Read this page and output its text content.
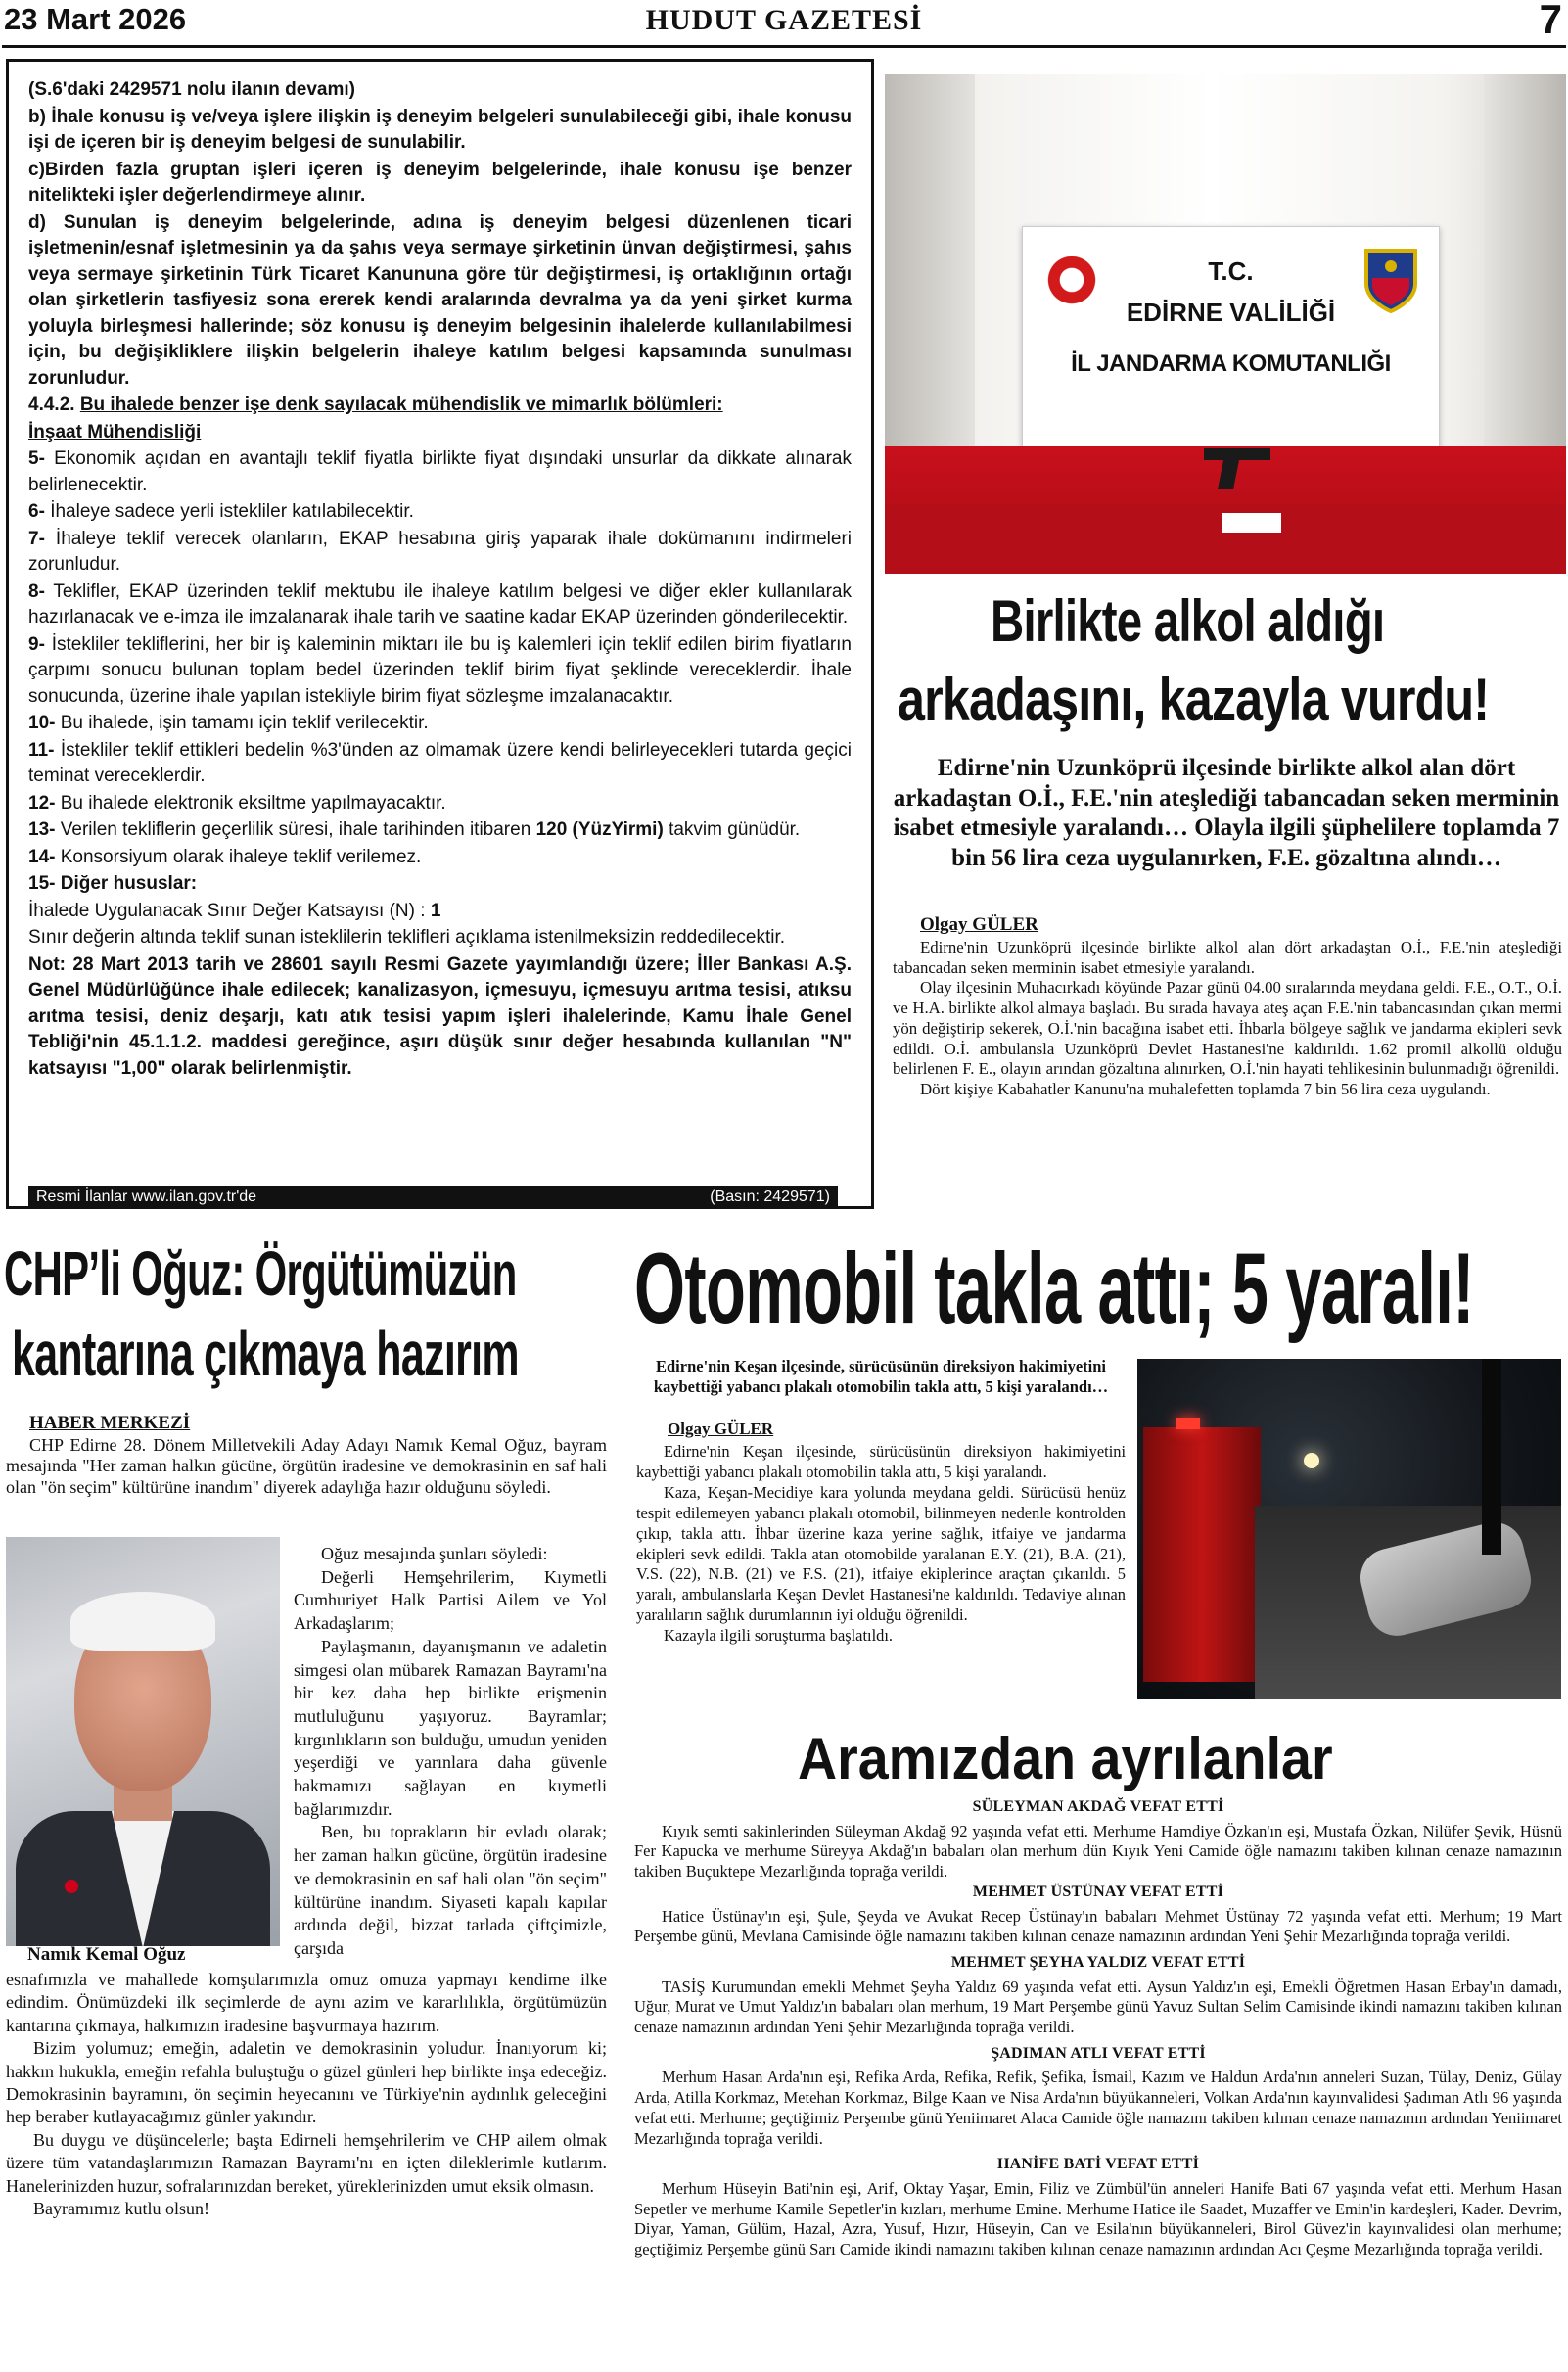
23 Mart 2026	HUDUT GAZETESİ	7

(S.6'daki 2429571 nolu ilanın devamı)

b) İhale konusu iş ve/veya işlere ilişkin iş deneyim belgeleri sunulabileceği gibi, ihale konusu işi de içeren bir iş deneyim belgesi de sunulabilir.

c)Birden fazla gruptan işleri içeren iş deneyim belgelerinde, ihale konusu işe benzer nitelikteki işler değerlendirmeye alınır.

d) Sunulan iş deneyim belgelerinde, adına iş deneyim belgesi düzenlenen ticari işletmenin/esnaf işletmesinin ya da şahıs veya sermaye şirketinin ünvan değiştirmesi, şahıs veya sermaye şirketinin Türk Ticaret Kanununa göre tür değiştirmesi, iş ortaklığının ortağı olan şirketlerin tasfiyesiz sona ererek kendi aralarında devralma ya da yeni şirket kurma yoluyla birleşmesi hallerinde; söz konusu iş deneyim belgesinin ihalelerde kullanılabilmesi için, bu değişikliklere ilişkin belgelerin ihaleye katılım belgesi kapsamında sunulması zorunludur.

4.4.2. Bu ihalede benzer işe denk sayılacak mühendislik ve mimarlık bölümleri:

İnşaat Mühendisliği

5- Ekonomik açıdan en avantajlı teklif fiyatla birlikte fiyat dışındaki unsurlar da dikkate alınarak belirlenecektir.

6- İhaleye sadece yerli istekliler katılabilecektir.

7- İhaleye teklif verecek olanların, EKAP hesabına giriş yaparak ihale dokümanını indirmeleri zorunludur.

8- Teklifler, EKAP üzerinden teklif mektubu ile ihaleye katılım belgesi ve diğer ekler kullanılarak hazırlanacak ve e-imza ile imzalanarak ihale tarih ve saatine kadar EKAP üzerinden gönderilecektir.

9- İstekliler tekliflerini, her bir iş kaleminin miktarı ile bu iş kalemleri için teklif edilen birim fiyatların çarpımı sonucu bulunan toplam bedel üzerinden teklif birim fiyat şeklinde vereceklerdir. İhale sonucunda, üzerine ihale yapılan istekliyle birim fiyat sözleşme imzalanacaktır.

10- Bu ihalede, işin tamamı için teklif verilecektir.

11- İstekliler teklif ettikleri bedelin %3'ünden az olmamak üzere kendi belirleyecekleri tutarda geçici teminat vereceklerdir.

12- Bu ihalede elektronik eksiltme yapılmayacaktır.

13- Verilen tekliflerin geçerlilik süresi, ihale tarihinden itibaren 120 (YüzYirmi) takvim günüdür.

14- Konsorsiyum olarak ihaleye teklif verilemez.

15- Diğer hususlar:

İhalede Uygulanacak Sınır Değer Katsayısı (N) : 1

Sınır değerin altında teklif sunan isteklilerin teklifleri açıklama istenilmeksizin reddedilecektir.

Not: 28 Mart 2013 tarih ve 28601 sayılı Resmi Gazete yayımlandığı üzere; İller Bankası A.Ş. Genel Müdürlüğünce ihale edilecek; kanalizasyon, içmesuyu, içmesuyu arıtma tesisi, atıksu arıtma tesisi, deniz deşarjı, katı atık tesisi yapım işleri ihalelerinde, Kamu İhale Genel Tebliği'nin 45.1.1.2. maddesi gereğince, aşırı düşük sınır değer hesabında kullanılan "N" katsayısı "1,00" olarak belirlenmiştir.

Resmi İlanlar www.ilan.gov.tr'de	(Basın: 2429571)
T.C.
EDİRNE VALİLİĞİ
İL JANDARMA KOMUTANLIĞI
Birlikte alkol aldığı
arkadaşını, kazayla vurdu!
Edirne'nin Uzunköprü ilçesinde birlikte alkol alan dört arkadaştan O.İ., F.E.'nin ateşlediği tabancadan seken merminin isabet etmesiyle yaralandı… Olayla ilgili şüphelilere toplamda 7 bin 56 lira ceza uygulanırken, F.E. gözaltına alındı…
Olgay GÜLER

Edirne'nin Uzunköprü ilçesinde birlikte alkol alan dört arkadaştan O.İ., F.E.'nin ateşlediği tabancadan seken merminin isabet etmesiyle yaralandı.

Olay ilçesinin Muhacırkadı köyünde Pazar günü 04.00 sıralarında meydana geldi. F.E., O.T., O.İ. ve H.A. birlikte alkol almaya başladı. Bu sırada havaya ateş açan F.E.'nin tabancasından çıkan mermi yön değiştirip sekerek, O.İ.'nin bacağına isabet etti. İhbarla bölgeye sağlık ve jandarma ekipleri sevk edildi. O.İ. ambulansla Uzunköprü Devlet Hastanesi'ne kaldırıldı. 1.62 promil alkollü olduğu belirlenen F. E., olayın arından gözaltına alınırken, O.İ.'nin hayati tehlikesinin bulunmadığı öğrenildi.

Dört kişiye Kabahatler Kanunu'na muhalefetten toplamda 7 bin 56 lira ceza uygulandı.

CHP’li Oğuz: Örgütümüzün
kantarına çıkmaya hazırım
HABER MERKEZİ
CHP Edirne 28. Dönem Milletvekili Aday Adayı Namık Kemal Oğuz, bayram mesajında "Her zaman halkın gücüne, örgütün iradesine ve demokrasinin en saf hali olan "ön seçim" kültürüne inandım" diyerek adaylığa hazır olduğunu söyledi.

Oğuz mesajında şunları söyledi:

Değerli Hemşehrilerim, Kıymetli Cumhuriyet Halk Partisi Ailem ve Yol Arkadaşlarım;

Paylaşmanın, dayanışmanın ve adaletin simgesi olan mübarek Ramazan Bayramı'na bir kez daha hep birlikte erişmenin mutluluğunu yaşıyoruz. Bayramlar; kırgınlıkların son bulduğu, umudun yeniden yeşerdiği ve yarınlara daha güvenle bakmamızı sağlayan en kıymetli bağlarımızdır.

Ben, bu toprakların bir evladı olarak; her zaman halkın gücüne, örgütün iradesine ve demokrasinin en saf hali olan "ön seçim" kültürüne inandım. Siyaseti kapalı kapılar ardında değil, bizzat tarlada çiftçimizle, çarşıda

Namık Kemal Oğuz

esnafımızla ve mahallede komşularımızla omuz omuza yapmayı kendime ilke edindim. Önümüzdeki ilk seçimlerde de aynı azim ve kararlılıkla, örgütümüzün kantarına çıkmaya, halkımızın iradesine başvurmaya hazırım.

Bizim yolumuz; emeğin, adaletin ve demokrasinin yoludur. İnanıyorum ki; hakkın hukukla, emeğin refahla buluştuğu o güzel günleri hep birlikte inşa edeceğiz. Demokrasinin bayramını, ön seçimin heyecanını ve Türkiye'nin aydınlık geleceğini hep beraber kutlayacağımız günler yakındır.

Bu duygu ve düşüncelerle; başta Edirneli hemşehrilerim ve CHP ailem olmak üzere tüm vatandaşlarımızın Ramazan Bayramı'nı en içten dileklerimle kutlarım. Hanelerinizden huzur, sofralarınızdan bereket, yüreklerinizden umut eksik olmasın.

Bayramımız kutlu olsun!

Otomobil takla attı; 5 yaralı!
Edirne'nin Keşan ilçesinde, sürücüsünün direksiyon hakimiyetini kaybettiği yabancı plakalı otomobilin takla attı, 5 kişi yaralandı…
Olgay GÜLER

Edirne'nin Keşan ilçesinde, sürücüsünün direksiyon hakimiyetini kaybettiği yabancı plakalı otomobilin takla attı, 5 kişi yaralandı.

Kaza, Keşan-Mecidiye kara yolunda meydana geldi. Sürücüsü henüz tespit edilemeyen yabancı plakalı otomobil, bilinmeyen nedenle kontrolden çıkıp, takla attı. İhbar üzerine kaza yerine sağlık, itfaiye ve jandarma ekipleri sevk edildi. Takla atan otomobilde yaralanan E.Y. (21), B.A. (21), V.S. (22), N.B. (21) ve F.S. (21), itfaiye ekiplerince araçtan çıkarıldı. 5 yaralı, ambulanslarla Keşan Devlet Hastanesi'ne kaldırıldı. Tedaviye alınan yaralıların sağlık durumlarının iyi olduğu öğrenildi.

Kazayla ilgili soruşturma başlatıldı.

Aramızdan ayrılanlar
SÜLEYMAN AKDAĞ VEFAT ETTİ

Kıyık semti sakinlerinden Süleyman Akdağ 92 yaşında vefat etti. Merhume Hamdiye Özkan'ın eşi, Mustafa Özkan, Nilüfer Şevik, Hüsnü Fer Kapucka ve merhume Süreyya Akdağ'ın babaları olan merhum dün Kıyık Yeni Camide öğle namazını takiben kılınan cenaze namazının takiben Buçuktepe Mezarlığında toprağa verildi.

MEHMET ÜSTÜNAY VEFAT ETTİ

Hatice Üstünay'ın eşi, Şule, Şeyda ve Avukat Recep Üstünay'ın babaları Mehmet Üstünay 72 yaşında vefat etti. Merhum; 19 Mart Perşembe günü, Mevlana Camisinde öğle namazını takiben kılınan cenaze namazının ardından Yeni Şehir Mezarlığında toprağa verildi.

MEHMET ŞEYHA YALDIZ VEFAT ETTİ

TASİŞ Kurumundan emekli Mehmet Şeyha Yaldız 69 yaşında vefat etti. Aysun Yaldız'ın eşi, Emekli Öğretmen Hasan Erbay'ın damadı, Uğur, Murat ve Umut Yaldız'ın babaları olan merhum, 19 Mart Perşembe günü Yavuz Sultan Selim Camisinde ikindi namazını takiben kılınan cenaze namazının ardından Yeni Şehir Mezarlığında toprağa verildi.

ŞADIMAN ATLI VEFAT ETTİ

Merhum Hasan Arda'nın eşi, Refika Arda, Refika, Refik, Şefika, İsmail, Kazım ve Haldun Arda'nın anneleri Suzan, Tülay, Deniz, Gülay Arda, Atilla Korkmaz, Metehan Korkmaz, Bilge Kaan ve Nisa Arda'nın büyükanneleri, Volkan Arda'nın kayınvalidesi Şadıman Atlı 96 yaşında vefat etti. Merhume; geçtiğimiz Perşembe günü Yeniimaret Alaca Camide öğle namazını takiben kılınan cenaze namazının ardından Yeniimaret Mezarlığında toprağa verildi.

HANİFE BATİ VEFAT ETTİ

Merhum Hüseyin Bati'nin eşi, Arif, Oktay Yaşar, Emin, Filiz ve Zümbül'ün anneleri Hanife Bati 67 yaşında vefat etti. Merhum Hasan Sepetler ve merhume Kamile Sepetler'in kızları, merhume Emine. Merhume Hatice ile Saadet, Muzaffer ve Emin'in kardeşleri, Kader. Devrim, Diyar, Yaman, Gülüm, Hazal, Azra, Yusuf, Hızır, Hüseyin, Can ve Esila'nın büyükanneleri, Birol Güvez'in kayınvalidesi olan merhume; geçtiğimiz Perşembe günü Sarı Camide ikindi namazını takiben kılınan cenaze namazının ardından Acı Çeşme Mezarlığında toprağa verildi.
